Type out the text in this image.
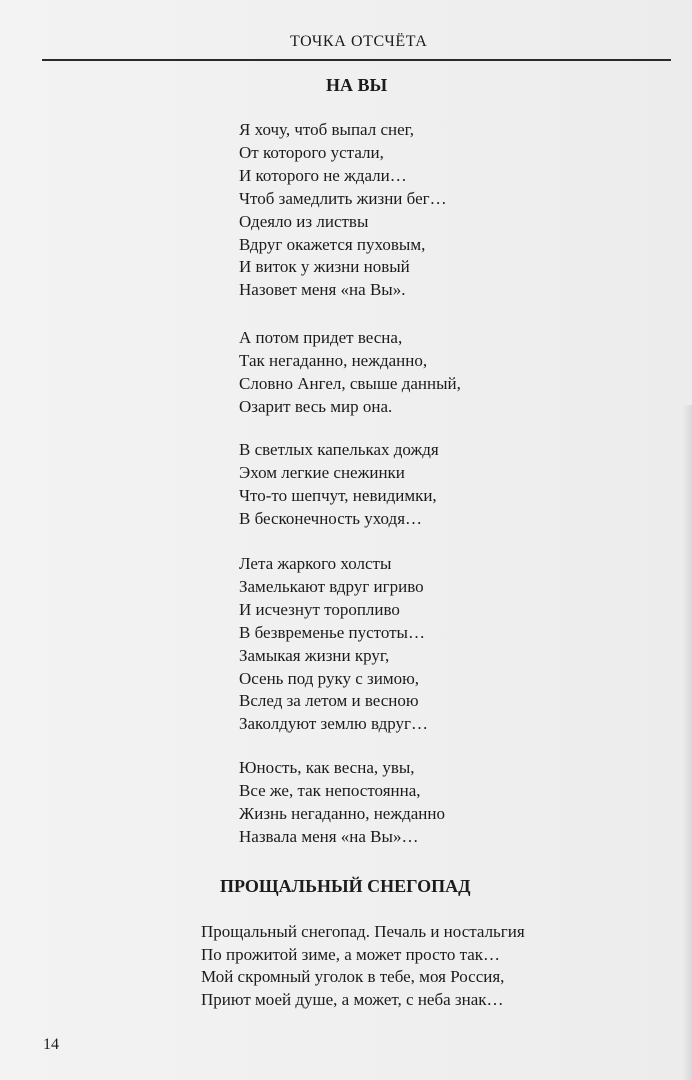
ТОЧКА ОТСЧЁТА
НА ВЫ
Я хочу, чтоб выпал снег,
От которого устали,
И которого не ждали…
Чтоб замедлить жизни бег…
Одеяло из листвы
Вдруг окажется пуховым,
И виток у жизни новый
Назовет меня «на Вы».
А потом придет весна,
Так негаданно, нежданно,
Словно Ангел, свыше данный,
Озарит весь мир она.
В светлых капельках дождя
Эхом легкие снежинки
Что-то шепчут, невидимки,
В бесконечность уходя…
Лета жаркого холсты
Замелькают вдруг игриво
И исчезнут торопливо
В безвременье пустоты…
Замыкая жизни круг,
Осень под руку с зимою,
Вслед за летом и весною
Заколдуют землю вдруг…
Юность, как весна, увы,
Все же, так непостоянна,
Жизнь негаданно, нежданно
Назвала меня «на Вы»…
ПРОЩАЛЬНЫЙ СНЕГОПАД
Прощальный снегопад. Печаль и ностальгия
По прожитой зиме, а может просто так…
Мой скромный уголок в тебе, моя Россия,
Приют моей душе, а может, с неба знак…
14
